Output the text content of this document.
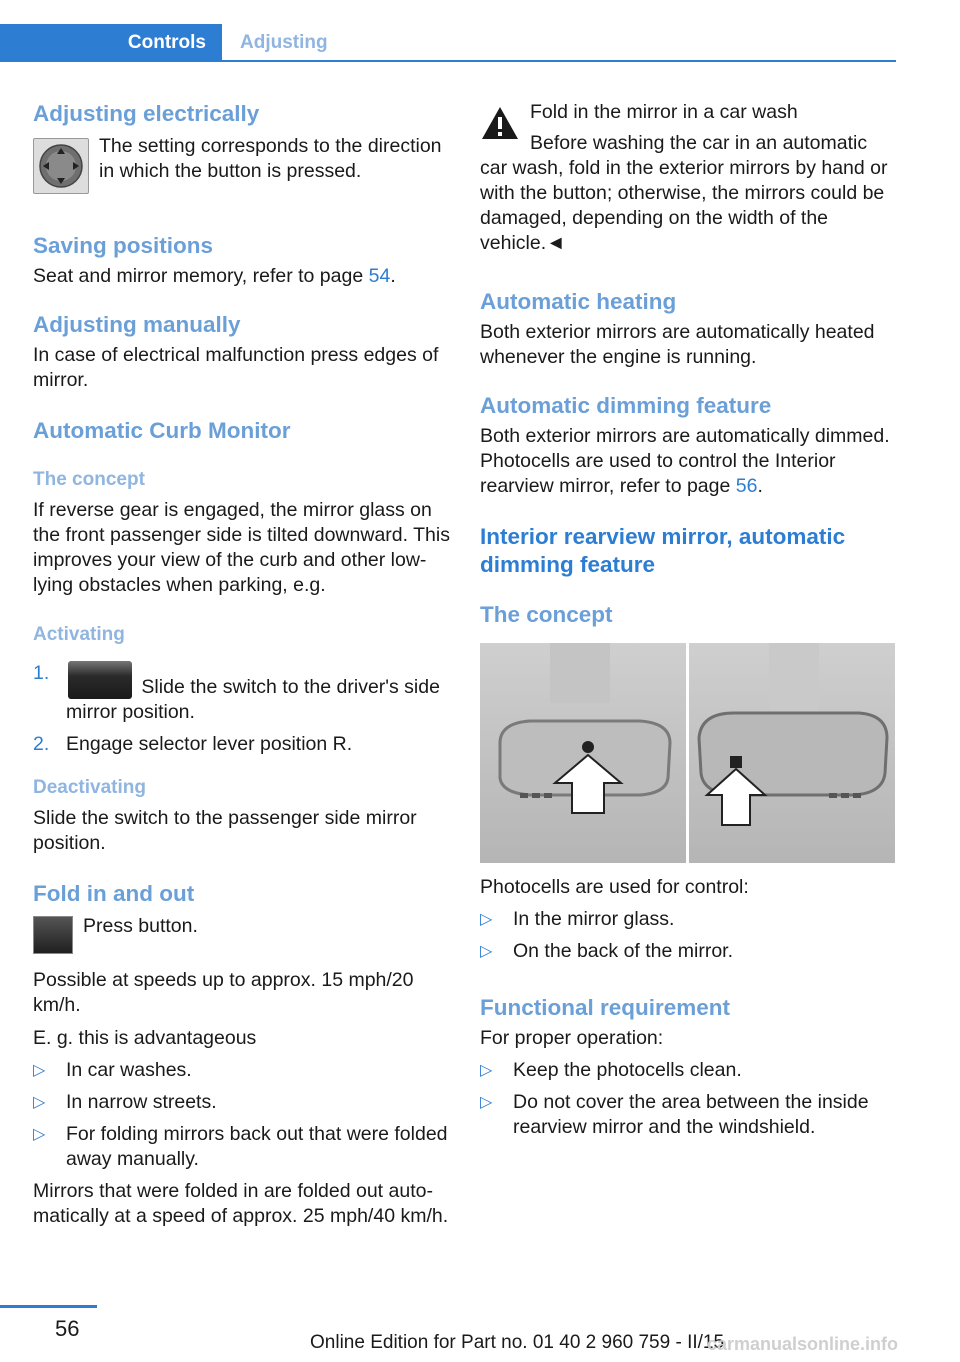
Controls	Adjusting
Adjusting electrically

The setting corresponds to the direction in which the button is pressed.

Saving positions

Seat and mirror memory, refer to page 54.

Adjusting manually

In case of electrical malfunction press edges of mirror.

Automatic Curb Monitor
The concept

If reverse gear is engaged, the mirror glass on the front passenger side is tilted downward. This improves your view of the curb and other low-lying obstacles when parking, e.g.

Activating
1.
Slide the switch to the driver's side mirror position.
2. Engage selector lever position R.
Deactivating

Slide the switch to the passenger side mirror position.

Fold in and out

Press button.

Possible at speeds up to approx. 15 mph/20 km/h.

E. g. this is advantageous

▷ In car washes.
▷ In narrow streets.
▷ For folding mirrors back out that were folded away manually.

Mirrors that were folded in are folded out automatically at a speed of approx. 25 mph/40 km/h.

Fold in the mirror in a car wash

Before washing the car in an automatic

car wash, fold in the exterior mirrors by hand or with the button; otherwise, the mirrors could be damaged, depending on the width of the vehicle.◄

Automatic heating

Both exterior mirrors are automatically heated whenever the engine is running.

Automatic dimming feature

Both exterior mirrors are automatically dimmed. Photocells are used to control the Interior rearview mirror, refer to page 56.

Interior rearview mirror, automatic dimming feature
The concept

Photocells are used for control:

▷ In the mirror glass.
▷ On the back of the mirror.
Functional requirement

For proper operation:

▷ Keep the photocells clean.
▷ Do not cover the area between the inside rearview mirror and the windshield.
56
Online Edition for Part no. 01 40 2 960 759 - II/15
carmanualsonline.info
